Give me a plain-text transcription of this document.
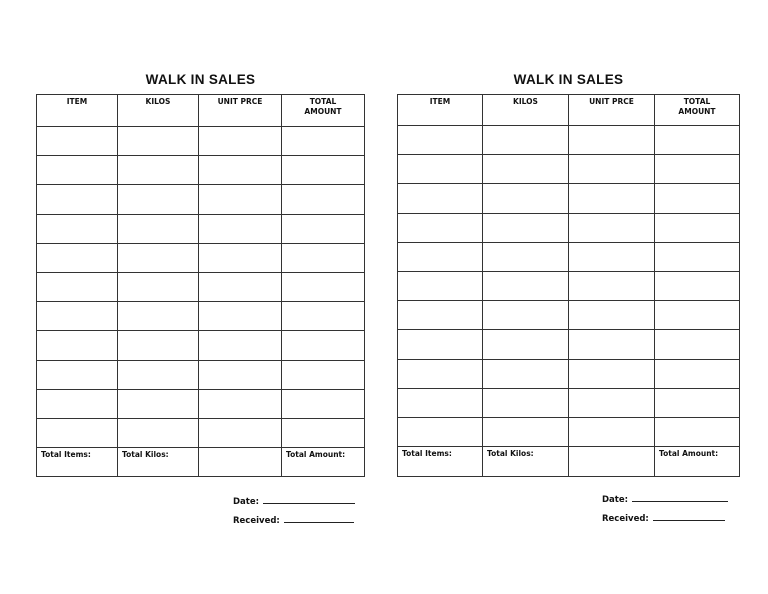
WALK IN SALES
ITEM	KILOS	UNIT PRCE	TOTAL
AMOUNT

Total Items:	Total Kilos:		Total Amount:
Date:
Received:
WALK IN SALES
ITEM	KILOS	UNIT PRCE	TOTAL
AMOUNT

Total Items:	Total Kilos:		Total Amount:
Date:
Received:
